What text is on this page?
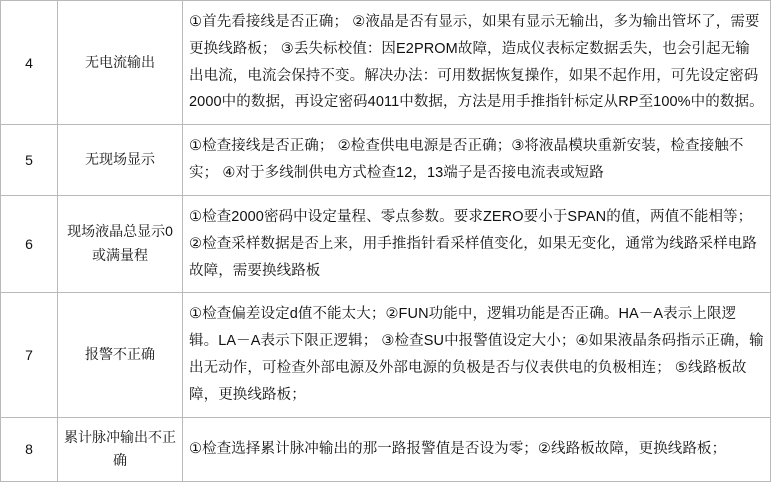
4	无电流输出	①首先看接线是否正确； ②液晶是否有显示，如果有显示无输出，多为输出管坏了，需要更换线路板； ③丢失标校值：因E2PROM故障，造成仪表标定数据丢失，也会引起无输出电流，电流会保持不变。解决办法：可用数据恢复操作，如果不起作用，可先设定密码2000中的数据，再设定密码4011中数据，方法是用手推指针标定从RP至100%中的数据。
5	无现场显示	①检查接线是否正确； ②检查供电电源是否正确；③将液晶模块重新安装，检查接触不实； ④对于多线制供电方式检查12，13端子是否接电流表或短路
6	现场液晶总显示0或满量程	①检查2000密码中设定量程、零点参数。要求ZERO要小于SPAN的值，两值不能相等； ②检查采样数据是否上来，用手推指针看采样值变化，如果无变化，通常为线路采样电路故障，需要换线路板
7	报警不正确	①检查偏差设定d值不能太大；②FUN功能中，逻辑功能是否正确。HA－A表示上限逻辑。LA－A表示下限正逻辑； ③检查SU中报警值设定大小；④如果液晶条码指示正确，输出无动作，可检查外部电源及外部电源的负极是否与仪表供电的负极相连； ⑤线路板故障，更换线路板；
8	累计脉冲输出不正确	①检查选择累计脉冲输出的那一路报警值是否设为零；②线路板故障，更换线路板；
